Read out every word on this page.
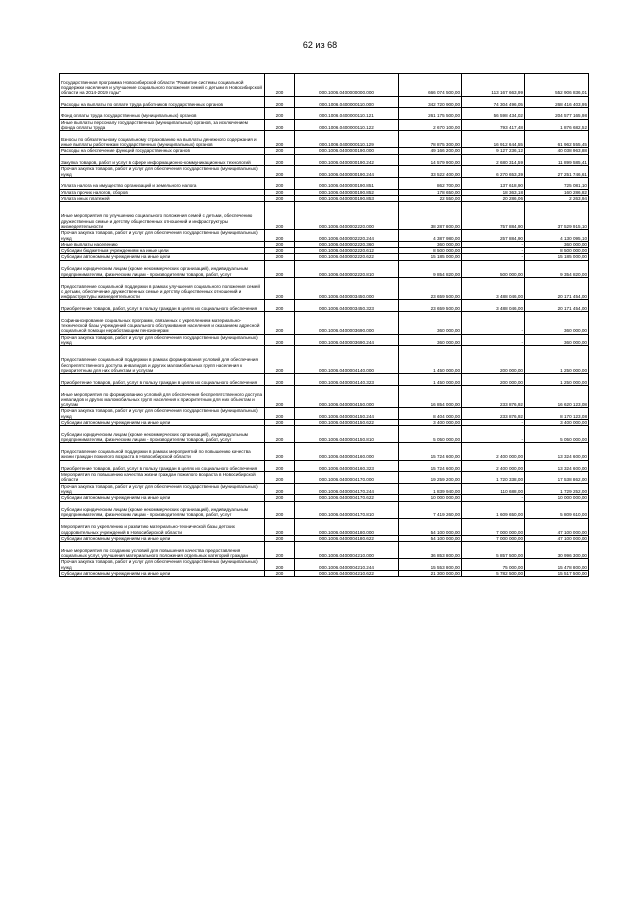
62 из 68
Государственная программа Новосибирской области "Развитие системы социальной поддержки населения и улучшение социального положения семей с детьми в Новосибирской области на 2014-2019 годы"	200	000.1006.0400000000.000	666 074 500,00	113 167 663,99	552 906 836,01
Расходы на выплаты по оплате труда работников государственных органов	200	000.1006.0400000110.000	342 720 900,00	74 304 496,05	268 416 403,95
Фонд оплаты труда государственных (муниципальных) органов	200	000.1006.0400000110.121	261 175 500,00	56 598 434,02	204 577 165,98
Иные выплаты персоналу государственных (муниципальных) органов, за исключением фонда оплаты труда	200	000.1006.0400000110.122	2 670 100,00	793 417,48	1 876 682,52
Взносы по обязательному социальному страхованию на выплаты денежного содержания и иные выплаты работникам государственных (муниципальных) органов	200	000.1006.0400000110.129	78 875 300,00	16 912 644,55	61 962 555,45
Расходы на обеспечение функций государственных органов	200	000.1006.0400000190.000	49 166 200,00	9 127 236,12	40 038 963,88
Закупка товаров, работ и услуг в сфере информационно-коммуникационных технологий	200	000.1006.0400000190.242	14 579 900,00	2 680 314,59	11 899 585,41
Прочая закупка товаров, работ и услуг для обеспечения государственных (муниципальных) нужд	200	000.1006.0400000190.244	33 522 400,00	6 270 653,39	27 251 746,61
Уплата налога на имущество организаций и земельного налога	200	000.1006.0400000190.851	862 700,00	137 618,90	725 081,10
Уплата прочих налогов, сборов	200	000.1006.0400000190.852	178 650,00	18 363,18	160 286,82
Уплата иных платежей	200	000.1006.0400000190.853	22 550,00	20 286,06	2 263,94
Иные мероприятия по улучшению социального положения семей с детьми, обеспечению дружественных семье и детству общественных отношений и инфраструктуры жизнедеятельности	200	000.1006.0400002220.000	38 287 800,00	757 884,90	37 529 915,10
Прочая закупка товаров, работ и услуг для обеспечения государственных (муниципальных) нужд	200	000.1006.0400002220.244	4 387 980,00	257 884,90	4 130 095,10
Иные выплаты населению	200	000.1006.0400002220.360	360 000,00	-	360 000,00
Субсидии бюджетным учреждениям на иные цели	200	000.1006.0400002220.612	8 500 000,00	-	8 500 000,00
Субсидии автономным учреждениям на иные цели	200	000.1006.0400002220.622	15 185 000,00	-	15 185 000,00
Субсидии юридическим лицам (кроме некоммерческих организаций), индивидуальным предпринимателям, физическим лицам - производителям товаров, работ, услуг	200	000.1006.0400002220.810	9 854 820,00	500 000,00	9 354 820,00
Предоставление социальной поддержки в рамках улучшения социального положения семей с детьми, обеспечение дружественных семье и детству общественных отношений и инфраструктуры жизнедеятельности	200	000.1006.0400003450.000	23 659 500,00	3 488 046,00	20 171 454,00
Приобретение товаров, работ, услуг в пользу граждан в целях их социального обеспечения	200	000.1006.0400003450.323	23 659 500,00	3 488 046,00	20 171 454,00
Софинансирование социальных программ, связанных с укреплением материально-технической базы учреждений социального обслуживания населения и оказанием адресной социальной помощи неработающим пенсионерам	200	000.1006.0400003690.000	360 000,00	-	360 000,00
Прочая закупка товаров, работ и услуг для обеспечения государственных (муниципальных) нужд	200	000.1006.0400003690.244	360 000,00	-	360 000,00
Предоставление социальной поддержки в рамках формирования условий для обеспечения беспрепятственного доступа инвалидов и других маломобильных групп населения к приоритетным для них объектам и услугам	200	000.1006.0400004140.000	1 450 000,00	200 000,00	1 250 000,00
Приобретение товаров, работ, услуг в пользу граждан в целях их социального обеспечения	200	000.1006.0400004140.323	1 450 000,00	200 000,00	1 250 000,00
Иные мероприятия по формированию условий для обеспечения беспрепятственного доступа инвалидов и других маломобильных групп населения к приоритетным для них объектам и услугам	200	000.1006.0400004150.000	16 854 000,00	233 876,92	16 620 123,08
Прочая закупка товаров, работ и услуг для обеспечения государственных (муниципальных) нужд	200	000.1006.0400004150.244	8 404 000,00	233 876,92	8 170 123,08
Субсидии автономным учреждениям на иные цели	200	000.1006.0400004150.622	3 400 000,00	-	3 400 000,00
Субсидии юридическим лицам (кроме некоммерческих организаций), индивидуальным предпринимателям, физическим лицам - производителям товаров, работ, услуг	200	000.1006.0400004150.810	5 050 000,00	-	5 050 000,00
Предоставление социальной поддержки в рамках мероприятий по повышению качества жизни граждан пожилого возраста в Новосибирской области	200	000.1006.0400004160.000	15 724 600,00	2 400 000,00	13 324 600,00
Приобретение товаров, работ, услуг в пользу граждан в целях их социального обеспечения	200	000.1006.0400004160.323	15 724 600,00	2 400 000,00	13 324 600,00
Мероприятия по повышению качества жизни граждан пожилого возраста в Новосибирской области	200	000.1006.0400004170.000	19 259 200,00	1 720 338,00	17 538 862,00
Прочая закупка товаров, работ и услуг для обеспечения государственных (муниципальных) нужд	200	000.1006.0400004170.244	1 839 940,00	110 688,00	1 729 252,00
Субсидии автономным учреждениям на иные цели	200	000.1006.0400004170.622	10 000 000,00	-	10 000 000,00
Субсидии юридическим лицам (кроме некоммерческих организаций), индивидуальным предпринимателям, физическим лицам - производителям товаров, работ, услуг	200	000.1006.0400004170.810	7 419 260,00	1 609 650,00	5 809 610,00
Мероприятия по укреплению и развитию материально-технической базы детских оздоровительных учреждений в Новосибирской области	200	000.1006.0400004180.000	54 100 000,00	7 000 000,00	47 100 000,00
Субсидии автономным учреждениям на иные цели	200	000.1006.0400004180.622	54 100 000,00	7 000 000,00	47 100 000,00
Иные мероприятия по созданию условий для повышения качества предоставления социальных услуг, улучшения материального положения отдельных категорий граждан	200	000.1006.0400004210.000	36 853 800,00	5 857 500,00	30 996 300,00
Прочая закупка товаров, работ и услуг для обеспечения государственных (муниципальных) нужд	200	000.1006.0400004210.244	15 553 800,00	75 000,00	15 478 800,00
Субсидии автономным учреждениям на иные цели	200	000.1006.0400004210.622	21 300 000,00	5 782 500,00	15 517 500,00
